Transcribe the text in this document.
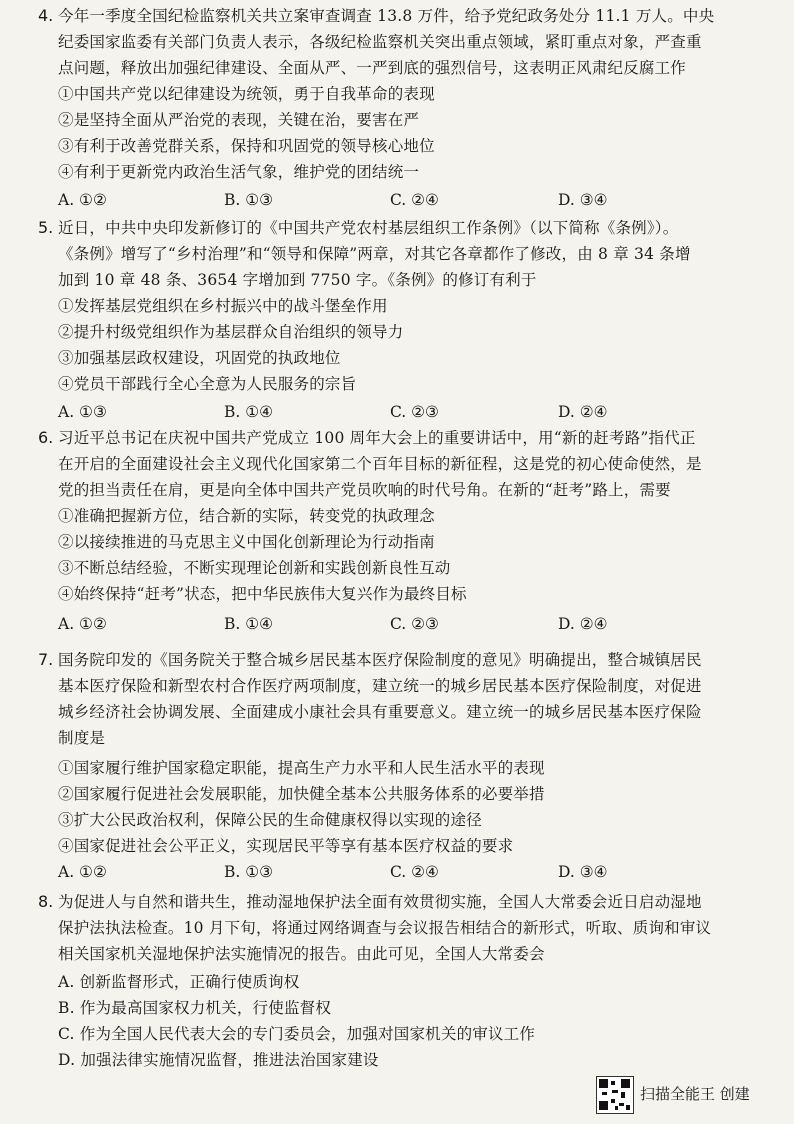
4. 今年一季度全国纪检监察机关共立案审查调查 13.8 万件，给予党纪政务处分 11.1 万人。中央
纪委国家监委有关部门负责人表示，各级纪检监察机关突出重点领域，紧盯重点对象，严查重
点问题，释放出加强纪律建设、全面从严、一严到底的强烈信号，这表明正风肃纪反腐工作
①中国共产党以纪律建设为统领，勇于自我革命的表现
②是坚持全面从严治党的表现，关键在治，要害在严
③有利于改善党群关系，保持和巩固党的领导核心地位
④有利于更新党内政治生活气象，维护党的团结统一
A. ①②	B. ①③	C. ②④	D. ③④
5. 近日，中共中央印发新修订的《中国共产党农村基层组织工作条例》（以下简称《条例》）。
《条例》增写了“乡村治理”和“领导和保障”两章，对其它各章都作了修改，由 8 章 34 条增
加到 10 章 48 条、3654 字增加到 7750 字。《条例》的修订有利于
①发挥基层党组织在乡村振兴中的战斗堡垒作用
②提升村级党组织作为基层群众自治组织的领导力
③加强基层政权建设，巩固党的执政地位
④党员干部践行全心全意为人民服务的宗旨
A. ①③	B. ①④	C. ②③	D. ②④
6. 习近平总书记在庆祝中国共产党成立 100 周年大会上的重要讲话中，用“新的赶考路”指代正
在开启的全面建设社会主义现代化国家第二个百年目标的新征程，这是党的初心使命使然，是
党的担当责任在肩，更是向全体中国共产党员吹响的时代号角。在新的“赶考”路上，需要
①准确把握新方位，结合新的实际，转变党的执政理念
②以接续推进的马克思主义中国化创新理论为行动指南
③不断总结经验，不断实现理论创新和实践创新良性互动
④始终保持“赶考”状态，把中华民族伟大复兴作为最终目标
A. ①②	B. ①④	C. ②③	D. ②④
7. 国务院印发的《国务院关于整合城乡居民基本医疗保险制度的意见》明确提出，整合城镇居民
基本医疗保险和新型农村合作医疗两项制度，建立统一的城乡居民基本医疗保险制度，对促进
城乡经济社会协调发展、全面建成小康社会具有重要意义。建立统一的城乡居民基本医疗保险
制度是
①国家履行维护国家稳定职能，提高生产力水平和人民生活水平的表现
②国家履行促进社会发展职能，加快健全基本公共服务体系的必要举措
③扩大公民政治权利，保障公民的生命健康权得以实现的途径
④国家促进社会公平正义，实现居民平等享有基本医疗权益的要求
A. ①②	B. ①③	C. ②④	D. ③④
8. 为促进人与自然和谐共生，推动湿地保护法全面有效贯彻实施，全国人大常委会近日启动湿地
保护法执法检查。10 月下旬，将通过网络调查与会议报告相结合的新形式，听取、质询和审议
相关国家机关湿地保护法实施情况的报告。由此可见，全国人大常委会
A. 创新监督形式，正确行使质询权
B. 作为最高国家权力机关，行使监督权
C. 作为全国人民代表大会的专门委员会，加强对国家机关的审议工作
D. 加强法律实施情况监督，推进法治国家建设
扫描全能王 创建
